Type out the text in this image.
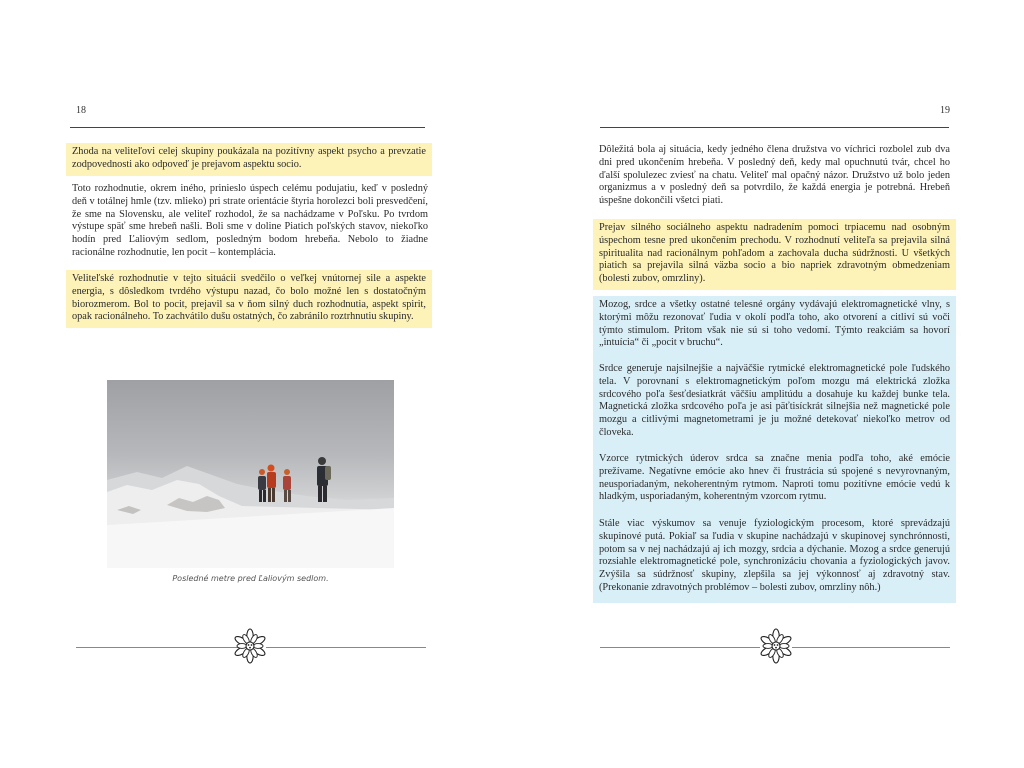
18

Zhoda na veliteľovi celej skupiny poukázala na pozitívny aspekt psycho a prevzatie zodpovednosti ako odpoveď je prejavom aspektu socio.

Toto rozhodnutie, okrem iného, prinieslo úspech celému podujatiu, keď v posledný deň v totálnej hmle (tzv. mlieko) pri strate orientácie štyria horolezci boli presvedčení, že sme na Slovensku, ale veliteľ rozhodol, že sa nachádzame v Poľsku. Po tvrdom výstupe späť sme hrebeň našli. Boli sme v doline Piatich poľských stavov, niekoľko hodín pred Ľaliovým sedlom, posledným bodom hrebeňa. Nebolo to žiadne racionálne rozhodnutie, len pocit – kontemplácia.

Veliteľské rozhodnutie v tejto situácii svedčilo o veľkej vnútornej sile a aspekte energia, s dôsledkom tvrdého výstupu nazad, čo bolo možné len s dostatočným biorozmerom. Bol to pocit, prejavil sa v ňom silný duch rozhodnutia, aspekt spirit, opak racionálneho. To zachvátilo dušu ostatných, čo zabránilo roztrhnutiu skupiny.

Posledné metre pred Ľaliovým sedlom.
19

Dôležitá bola aj situácia, kedy jedného člena družstva vo víchrici rozbolel zub dva dni pred ukončením hrebeňa. V posledný deň, kedy mal opuchnutú tvár, chcel ho ďalší spolulezec zviesť na chatu. Veliteľ mal opačný názor. Družstvo už bolo jeden organizmus a v posledný deň sa potvrdilo, že každá energia je potrebná. Hrebeň úspešne dokončili všetci piati.

Prejav silného sociálneho aspektu nadradením pomoci trpiacemu nad osobným úspechom tesne pred ukončením prechodu. V rozhodnutí veliteľa sa prejavila silná spiritualita nad racionálnym pohľadom a zachovala ducha súdržnosti. U všetkých piatich sa prejavila silná väzba socio a bio napriek zdravotným obmedzeniam (bolesti zubov, omrzliny).

Mozog, srdce a všetky ostatné telesné orgány vydávajú elektromagnetické vlny, s ktorými môžu rezonovať ľudia v okolí podľa toho, ako otvorení a citliví sú voči týmto stimulom. Pritom však nie sú si toho vedomí. Týmto reakciám sa hovorí „intuícia“ či „pocit v bruchu“.

Srdce generuje najsilnejšie a najväčšie rytmické elektromagnetické pole ľudského tela. V porovnaní s elektromagnetickým poľom mozgu má elektrická zložka srdcového poľa šesťdesiatkrát väčšiu amplitúdu a dosahuje ku každej bunke tela. Magnetická zložka srdcového poľa je asi päťtisíckrát silnejšia než magnetické pole mozgu a citlivými magnetometrami je ju možné detekovať niekoľko metrov od človeka.

Vzorce rytmických úderov srdca sa značne menia podľa toho, aké emócie prežívame. Negatívne emócie ako hnev či frustrácia sú spojené s nevyrovnaným, neusporiadaným, nekoherentným rytmom. Naproti tomu pozitívne emócie vedú k hladkým, usporiadaným, koherentným vzorcom rytmu.

Stále viac výskumov sa venuje fyziologickým procesom, ktoré sprevádzajú skupinové putá. Pokiaľ sa ľudia v skupine nachádzajú v skupinovej synchrónnosti, potom sa v nej nachádzajú aj ich mozgy, srdcia a dýchanie. Mozog a srdce generujú rozsiahle elektromagnetické pole, synchronizáciu chovania a fyziologických javov. Zvýšila sa súdržnosť skupiny, zlepšila sa jej výkonnosť aj zdravotný stav. (Prekonanie zdravotných problémov – bolesti zubov, omrzliny nôh.)
